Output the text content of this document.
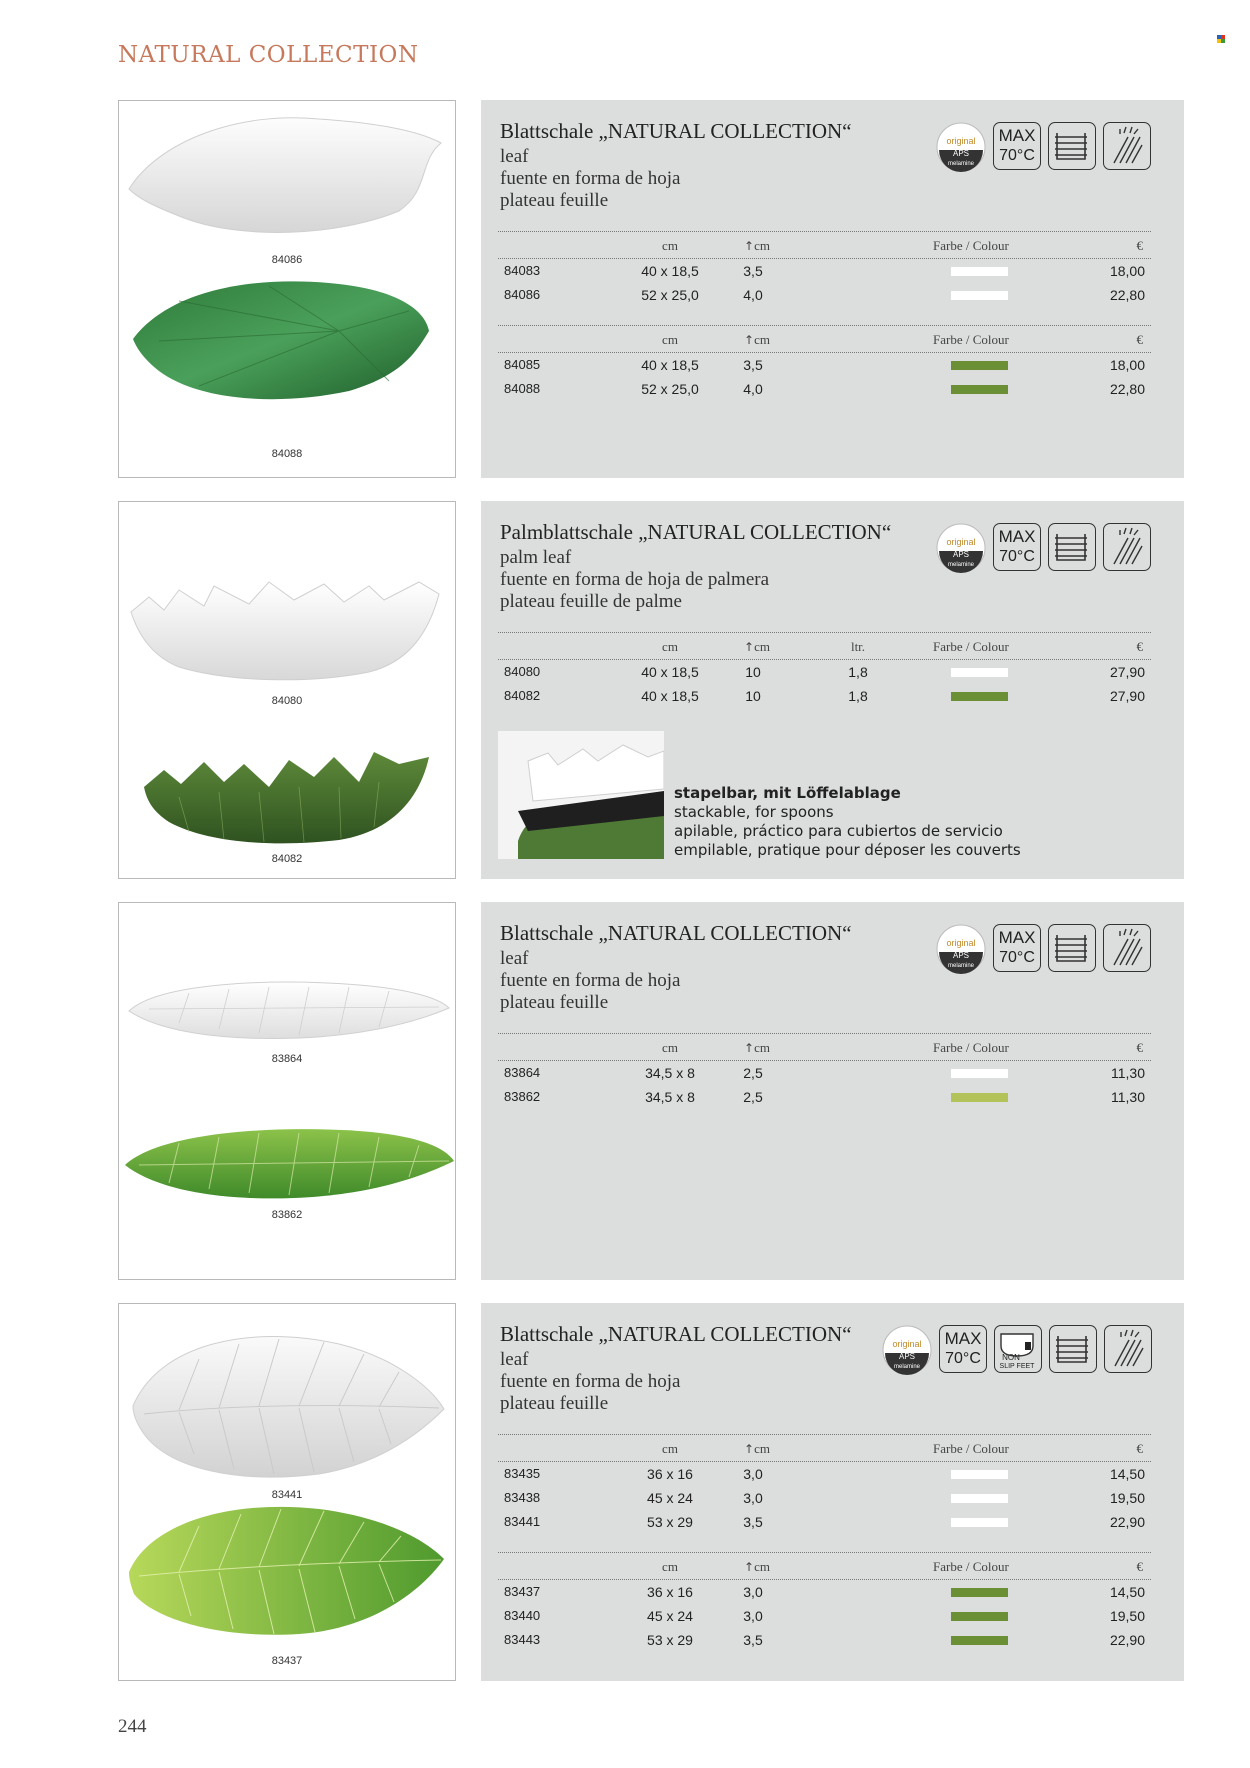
NATURAL COLLECTION
84086
84088
Blattschale „NATURAL COLLECTION“
leaf
fuente en forma de hoja
plateau feuille
original
APS
melamine
MAX
70°C
cm	↑cm	Farbe / Colour	€
84083	40 x 18,5	3,5	18,00
84086	52 x 25,0	4,0	22,80
cm	↑cm	Farbe / Colour	€
84085	40 x 18,5	3,5	18,00
84088	52 x 25,0	4,0	22,80
84080
84082
Palmblattschale „NATURAL COLLECTION“
palm leaf
fuente en forma de hoja de palmera
plateau feuille de palme
original
APS
melamine
MAX
70°C
cm	↑cm	ltr.	Farbe / Colour	€
84080	40 x 18,5	10	1,8	27,90
84082	40 x 18,5	10	1,8	27,90
stapelbar, mit Löffelablage
stackable, for spoons
apilable, práctico para cubiertos de servicio
empilable, pratique pour déposer les couverts
83864
83862
Blattschale „NATURAL COLLECTION“
leaf
fuente en forma de hoja
plateau feuille
original
APS
melamine
MAX
70°C
cm	↑cm	Farbe / Colour	€
83864	34,5 x 8	2,5	11,30
83862	34,5 x 8	2,5	11,30
83441
83437
Blattschale „NATURAL COLLECTION“
leaf
fuente en forma de hoja
plateau feuille
original
APS
melamine
MAX
70°C	NON
SLIP FEET
cm	↑cm	Farbe / Colour	€
83435	36 x 16	3,0	14,50
83438	45 x 24	3,0	19,50
83441	53 x 29	3,5	22,90
cm	↑cm	Farbe / Colour	€
83437	36 x 16	3,0	14,50
83440	45 x 24	3,0	19,50
83443	53 x 29	3,5	22,90
244
